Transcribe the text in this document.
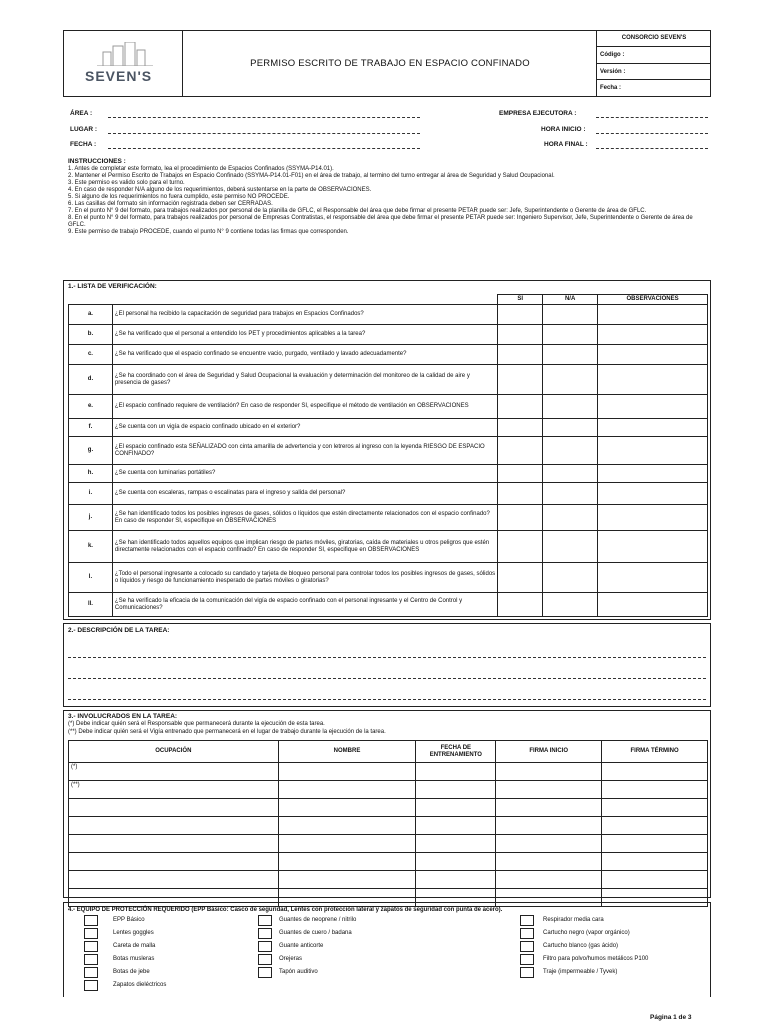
SEVEN'S
PERMISO ESCRITO DE TRABAJO EN ESPACIO CONFINADO
CONSORCIO SEVEN'S
Código :
Versión :
Fecha :
ÁREA :
LUGAR :
FECHA :
EMPRESA EJECUTORA :
HORA INICIO :
HORA FINAL :
INSTRUCCIONES :
1. Antes de completar este formato, lea el procedimiento de Espacios Confinados (SSYMA-P14.01).
2. Mantener el Permiso Escrito de Trabajos en Espacio Confinado (SSYMA-P14.01-F01) en el área de trabajo, al termino del turno entregar al área de Seguridad y Salud Ocupacional.
3. Este permiso es valido solo para el turno.
4. En caso de responder N/A alguno de los requerimientos, deberá sustentarse en la parte de OBSERVACIONES.
5. Si alguno de los requerimientos no fuera cumplido, este permiso NO PROCEDE.
6. Las casillas del formato sin información registrada deben ser CERRADAS.
7. En el punto N° 9 del formato, para trabajos realizados por personal de la planilla de GFLC, el Responsable del área que debe firmar el presente PETAR puede ser: Jefe, Superintendente o Gerente de área de GFLC.
8. En el punto N° 9 del formato, para trabajos realizados por personal de Empresas Contratistas, el responsable del área que debe firmar el presente PETAR puede ser: Ingeniero Supervisor, Jefe, Superintendente o Gerente de área de GFLC.
9. Este permiso de trabajo PROCEDE, cuando el punto N° 9 contiene todas las firmas que corresponden.
1.- LISTA DE VERIFICACIÓN:
		SI	N/A	OBSERVACIONES
a.	¿El personal ha recibido la capacitación de seguridad para trabajos en Espacios Confinados?			
b.	¿Se ha verificado que el personal a entendido los PET y procedimientos aplicables a la tarea?			
c.	¿Se ha verificado que el espacio confinado se encuentre vacio, purgado, ventilado y lavado adecuadamente?			
d.	¿Se ha coordinado con el área de Seguridad y Salud Ocupacional la evaluación y determinación del monitoreo de la calidad de aire y presencia de gases?			
e.	¿El espacio confinado requiere de ventilación? En caso de responder SI, especifique el método de ventilación en OBSERVACIONES			
f.	¿Se cuenta con un vigía de espacio confinado ubicado en el exterior?			
g.	¿El espacio confinado esta SEÑALIZADO con cinta amarilla de advertencia y con letreros al ingreso con la leyenda RIESGO DE ESPACIO CONFINADO?			
h.	¿Se cuenta con luminarias portátiles?			
i.	¿Se cuenta con escaleras, rampas o escalinatas para el ingreso y salida del personal?			
j.	¿Se han identificado todos los posibles ingresos de gases, sólidos o líquidos que estén directamente relacionados con el espacio confinado? En caso de responder SI, especifique en OBSERVACIONES			
k.	¿Se han identificado todos aquellos equipos que implican riesgo de partes móviles, giratorias, caída de materiales u otros peligros que estén directamente relacionados con el espacio confinado? En caso de responder SI, especifique en OBSERVACIONES			
l.	¿Todo el personal ingresante a colocado su candado y tarjeta de bloqueo personal para controlar todos los posibles ingresos de gases, sólidos o líquidos y riesgo de funcionamiento inesperado de partes móviles o giratorias?			
ll.	¿Se ha verificado la eficacia de la comunicación del vigía de espacio confinado con el personal ingresante y el Centro de Control y Comunicaciones?			
2.- DESCRIPCIÓN DE LA TAREA:
3.- INVOLUCRADOS EN LA TAREA:
(*) Debe indicar quién será el Responsable que permanecerá durante la ejecución de esta tarea.
(**) Debe indicar quién será el Vigía entrenado que permanecerá en el lugar de trabajo durante la ejecución de la tarea.
OCUPACIÓN	NOMBRE	FECHA DE ENTRENAMIENTO	FIRMA INICIO	FIRMA TÉRMINO
(*)				
(**)				

4.- EQUIPO DE PROTECCIÓN REQUERIDO (EPP Básico: Casco de seguridad, Lentes con protección lateral y zapatos de seguridad con punta de acero).
EPP Básico
Lentes goggles
Careta de malla
Botas musleras
Botas de jebe
Zapatos dieléctricos
Guantes de neoprene / nitrilo
Guantes de cuero / badana
Guante anticorte
Orejeras
Tapón auditivo
Respirador media cara
Cartucho negro (vapor orgánico)
Cartucho blanco (gas ácido)
Filtro para polvo/humos metálicos P100
Traje (impermeable / Tyvek)
Página 1 de 3
